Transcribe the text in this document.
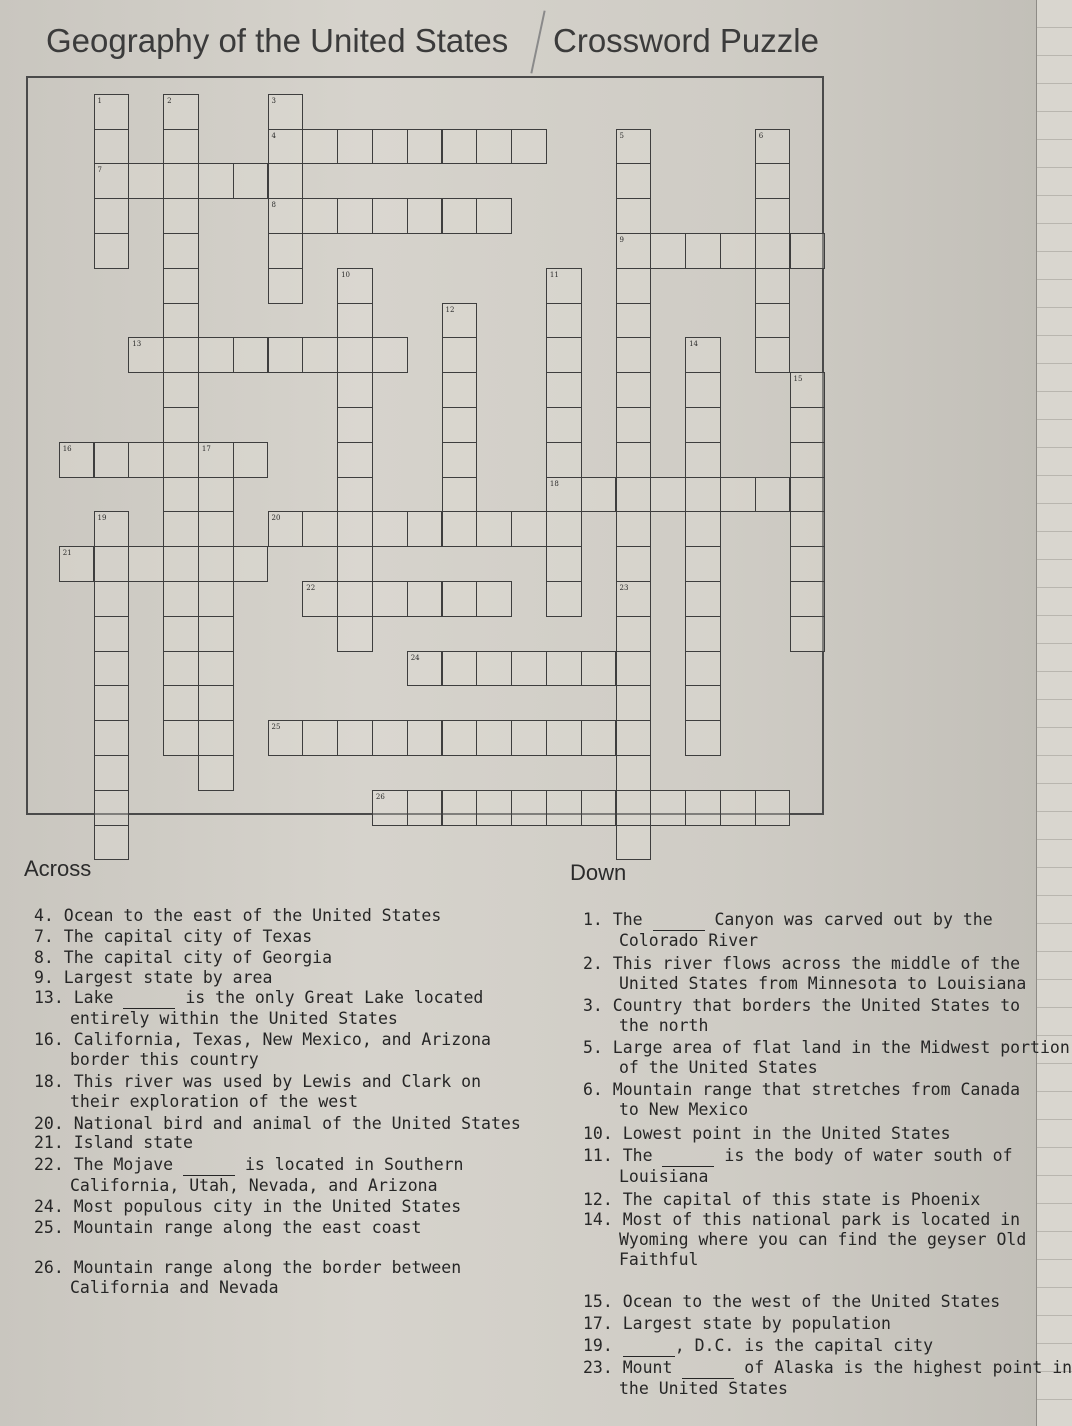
Geography of the United States Crossword Puzzle
1
7
2	3
4
8
5
9
23
6
10	11
18
12
13	14
15
16	17
19	20
21
22
24
25
26
Across	Down
4. Ocean to the east of the United States
7. The capital city of Texas
8. The capital city of Georgia
9. Largest state by area
13. Lake	is the only Great Lake located
entirely within the United States
16. California, Texas, New Mexico, and Arizona

border this country
18. This river was used by Lewis and Clark on

their exploration of the west
20. National bird and animal of the United States
21. Island state
22. The Mojave	is located in Southern
California, Utah, Nevada, and Arizona
24. Most populous city in the United States
25. Mountain range along the east coast
26. Mountain range along the border between

California and Nevada
1. The	Canyon was carved out by the
Colorado River
2. This river flows across the middle of the

United States from Minnesota to Louisiana
3. Country that borders the United States to

the north
5. Large area of flat land in the Midwest portion

of the United States
6. Mountain range that stretches from Canada

to New Mexico
10. Lowest point in the United States
11. The	is the body of water south of
Louisiana
12. The capital of this state is Phoenix
14. Most of this national park is located in

Wyoming where you can find the geyser Old
Faithful
15. Ocean to the west of the United States
17. Largest state by population
19.	, D.C. is the capital city
23. Mount	of Alaska is the highest point in
the United States
